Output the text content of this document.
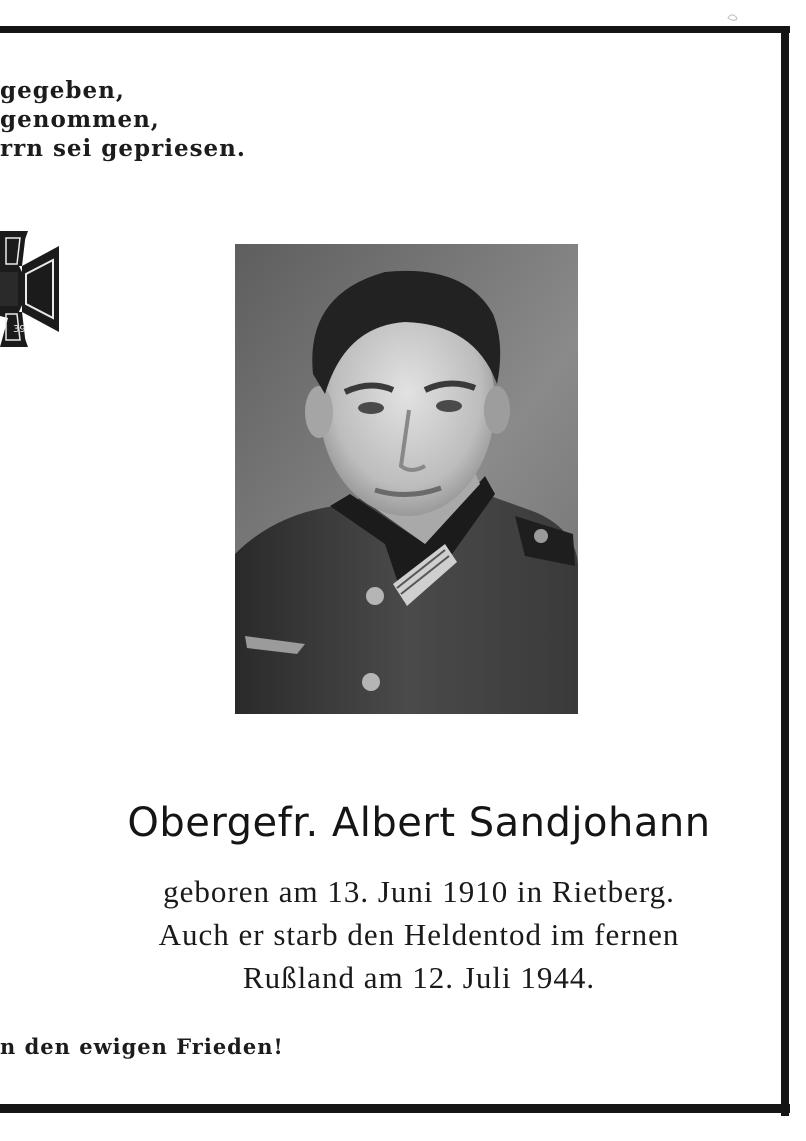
gegeben,
genommen,
rrn sei gepriesen.
39
Obergefr. Albert Sandjohann
geboren am 13. Juni 1910 in Rietberg.
Auch er starb den Heldentod im fernen
Rußland am 12. Juli 1944.
n den ewigen Frieden!
